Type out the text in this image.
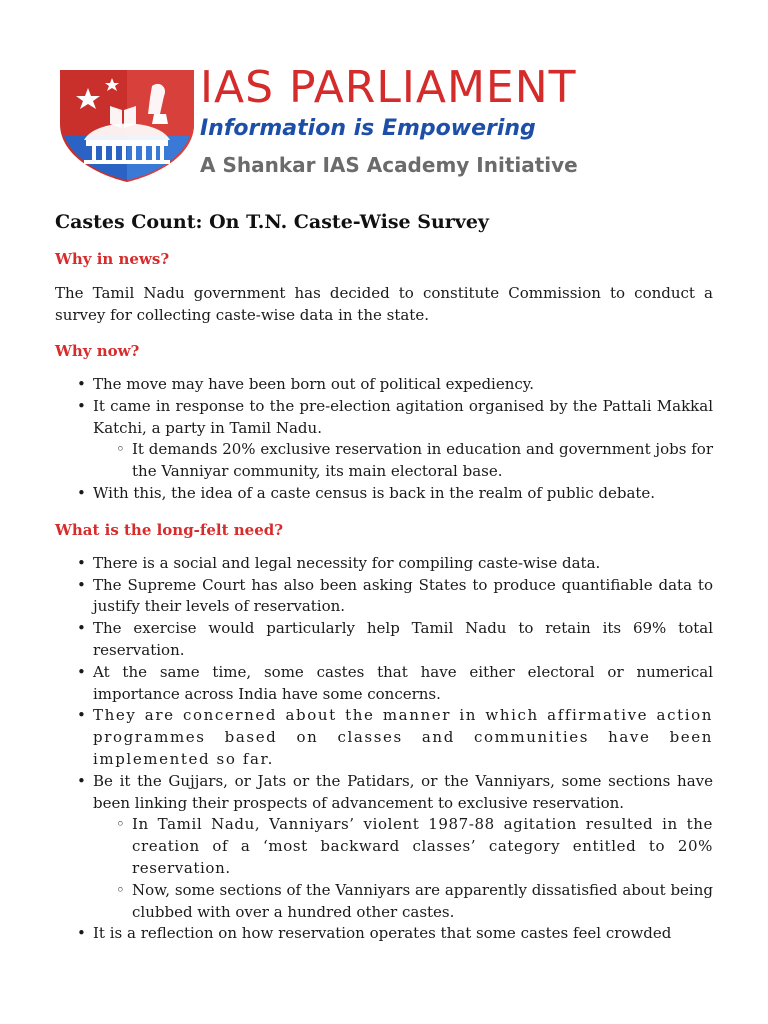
IAS PARLIAMENT
Information is Empowering
A Shankar IAS Academy Initiative
Castes Count: On T.N. Caste-Wise Survey
Why in news?

The Tamil Nadu government has decided to constitute Commission to conduct a survey for collecting caste-wise data in the state.

Why now?
• The move may have been born out of political expediency.
• It came in response to the pre-election agitation organised by the Pattali Makkal Katchi, a party in Tamil Nadu.
◦ It demands 20% exclusive reservation in education and government jobs for the Vanniyar community, its main electoral base.
• With this, the idea of a caste census is back in the realm of public debate.
What is the long-felt need?
• There is a social and legal necessity for compiling caste-wise data.
• The Supreme Court has also been asking States to produce quantifiable data to justify their levels of reservation.
• The exercise would particularly help Tamil Nadu to retain its 69% total reservation.
• At the same time, some castes that have either electoral or numerical importance across India have some concerns.
• They are concerned about the manner in which affirmative action programmes based on classes and communities have been implemented so far.
• Be it the Gujjars, or Jats or the Patidars, or the Vanniyars, some sections have been linking their prospects of advancement to exclusive reservation.
◦ In Tamil Nadu, Vanniyars’ violent 1987-88 agitation resulted in the creation of a ‘most backward classes’ category entitled to 20% reservation.
◦ Now, some sections of the Vanniyars are apparently dissatisfied about being clubbed with over a hundred other castes.
• It is a reflection on how reservation operates that some castes feel crowded
